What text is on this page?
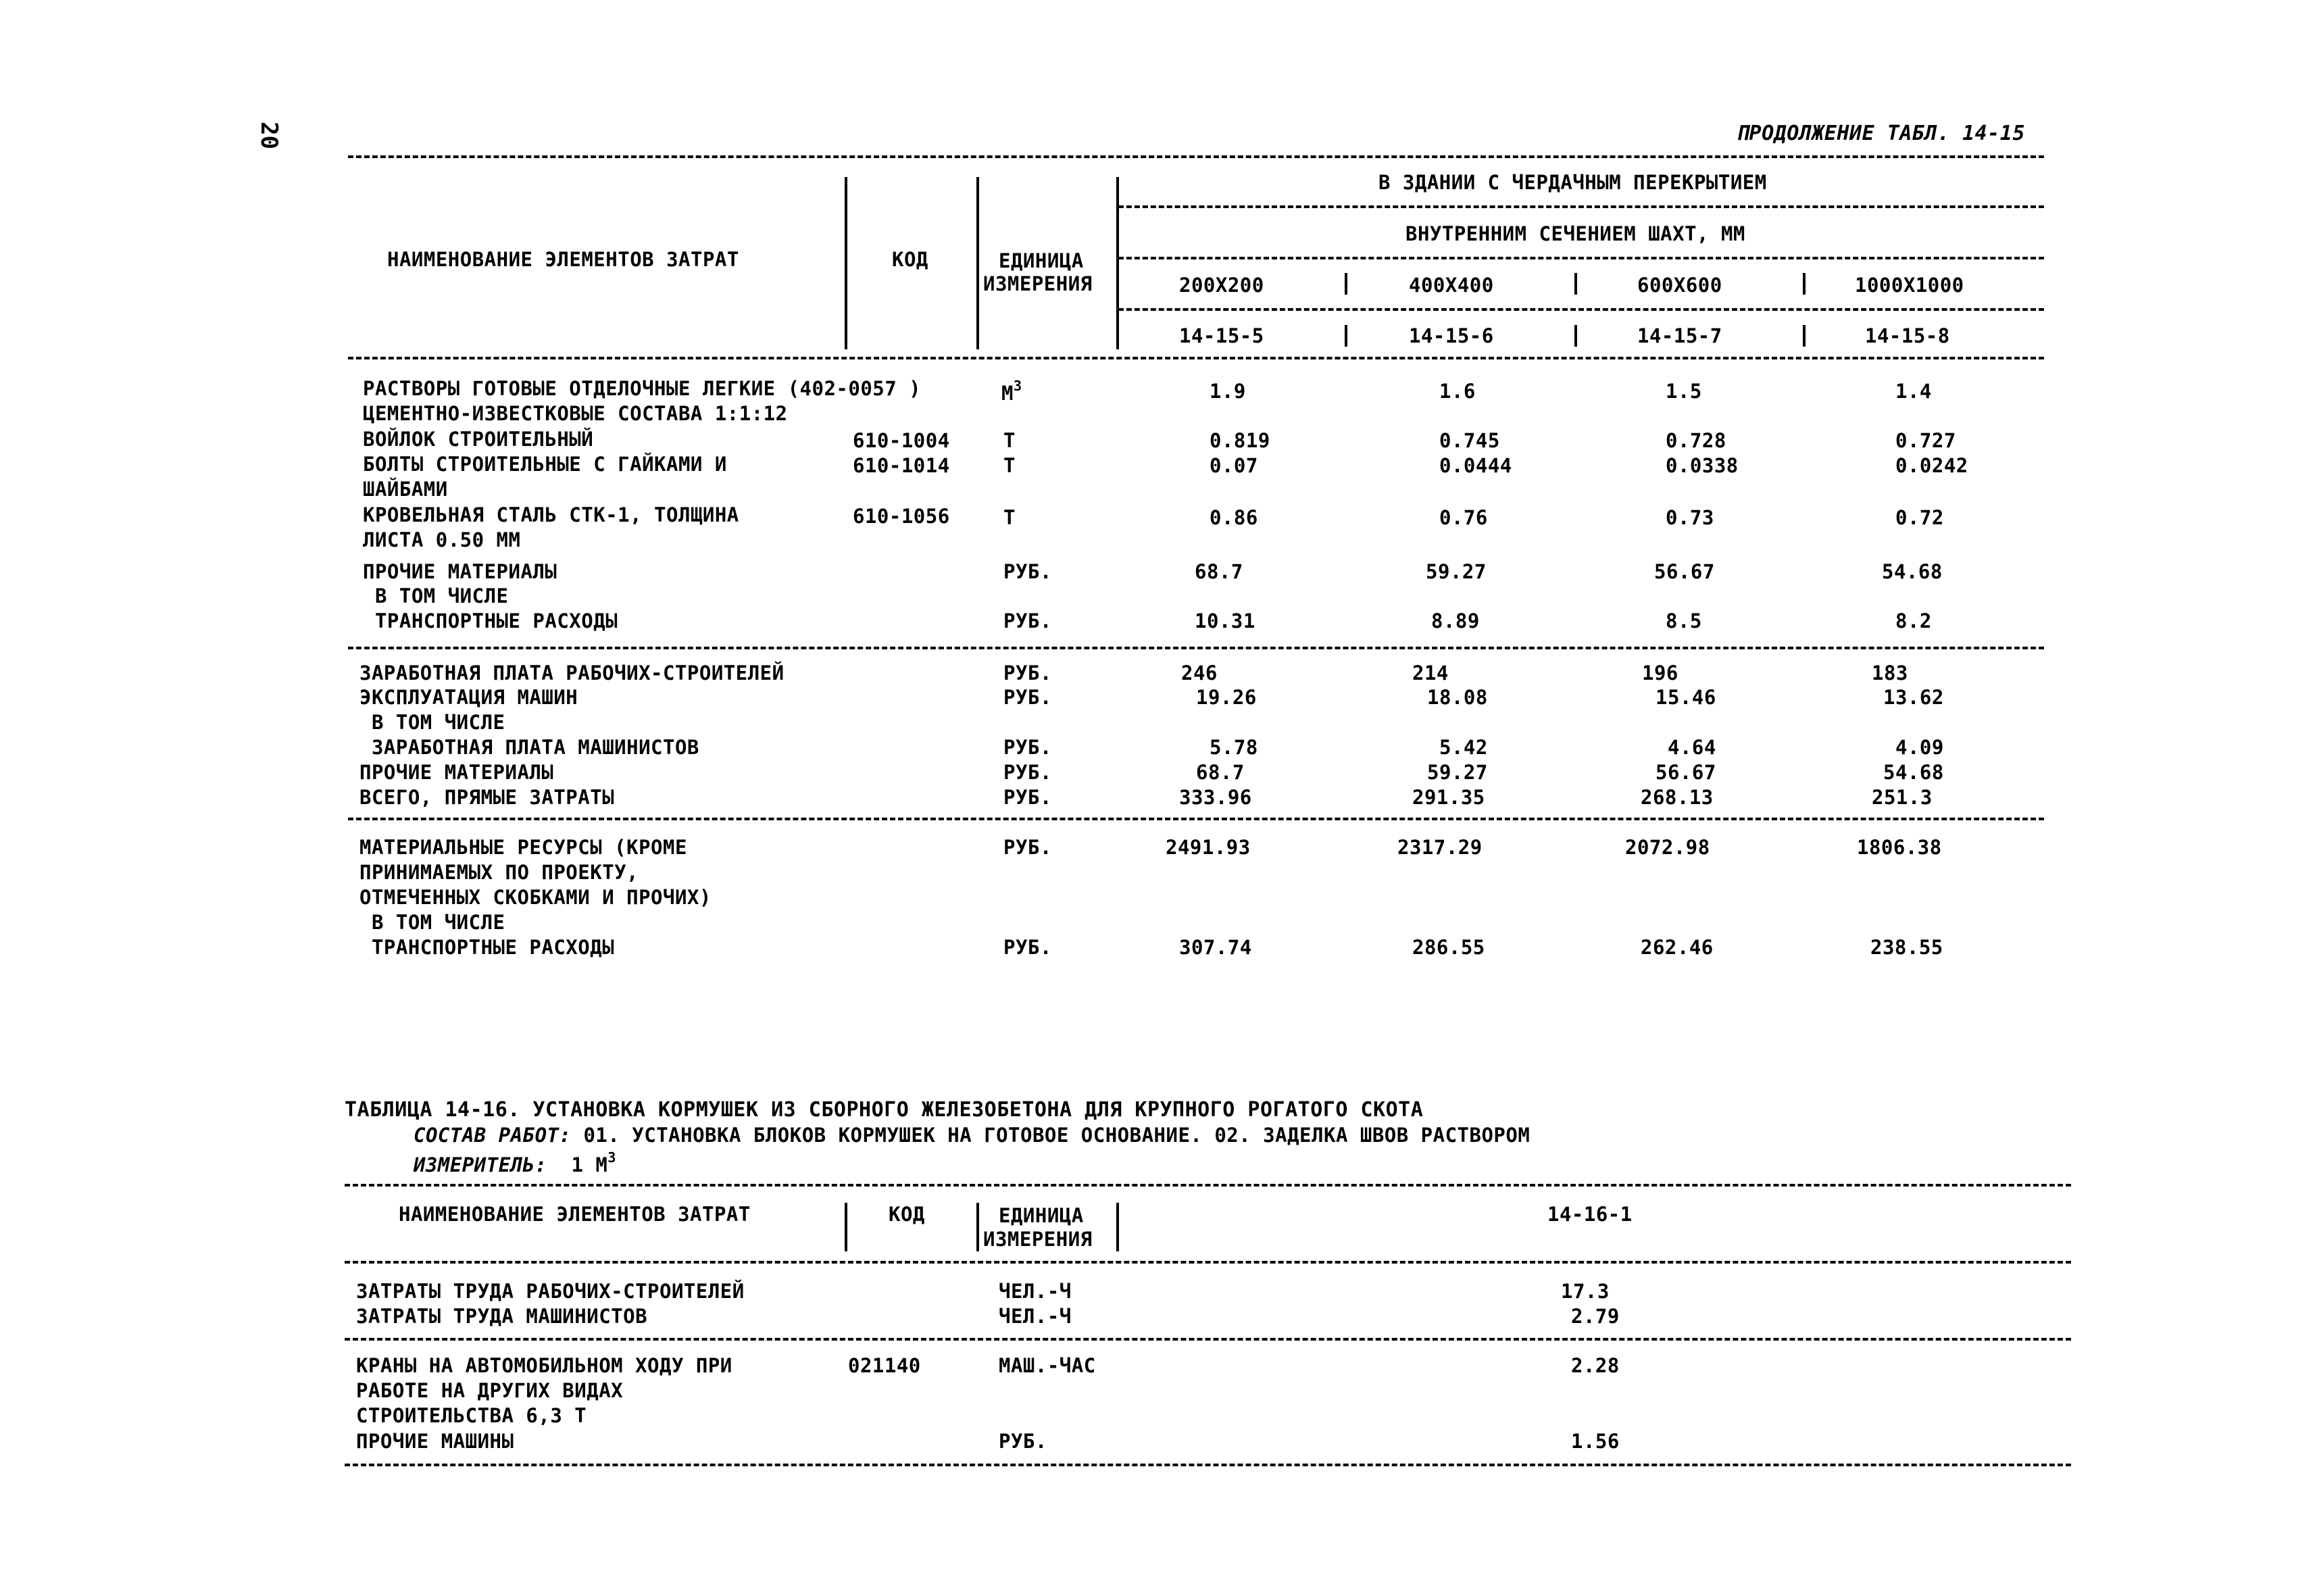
20	ПРОДОЛЖЕНИЕ ТАБЛ. 14-15
НАИМЕНОВАНИЕ ЭЛЕМЕНТОВ ЗАТРАТ	КОД	ЕДИНИЦА
ИЗМЕРЕНИЯ
В ЗДАНИИ С ЧЕРДАЧНЫМ ПЕРЕКРЫТИЕМ
ВНУТРЕННИМ СЕЧЕНИЕМ ШАХТ, ММ
200Х200	400Х400	600Х600	1000Х1000
14-15-5	14-15-6	14-15-7	14-15-8
РАСТВОРЫ ГОТОВЫЕ ОТДЕЛОЧНЫЕ ЛЕГКИЕ (402-0057 )
ЦЕМЕНТНО-ИЗВЕСТКОВЫЕ СОСТАВА 1:1:12
$М^3$	1.9	1.6	1.5	1.4
ВОЙЛОК СТРОИТЕЛЬНЫЙ	610-1004	Т	0.819	0.745	0.728	0.727
БОЛТЫ СТРОИТЕЛЬНЫЕ С ГАЙКАМИ И
ШАЙБАМИ
610-1014	Т	0.07	0.0444	0.0338	0.0242
КРОВЕЛЬНАЯ СТАЛЬ СТК-1, ТОЛЩИНА
ЛИСТА 0.50 ММ
610-1056	Т	0.86	0.76	0.73	0.72
ПРОЧИЕ МАТЕРИАЛЫ	РУБ.	68.7	59.27	56.67	54.68
В ТОМ ЧИСЛЕ
ТРАНСПОРТНЫЕ РАСХОДЫ	РУБ.	10.31	8.89	8.5	8.2
ЗАРАБОТНАЯ ПЛАТА РАБОЧИХ-СТРОИТЕЛЕЙ	РУБ.	246	214	196	183
ЭКСПЛУАТАЦИЯ МАШИН	РУБ.	19.26	18.08	15.46	13.62
В ТОМ ЧИСЛЕ
ЗАРАБОТНАЯ ПЛАТА МАШИНИСТОВ	РУБ.	5.78	5.42	4.64	4.09
ПРОЧИЕ МАТЕРИАЛЫ	РУБ.	68.7	59.27	56.67	54.68
ВСЕГО, ПРЯМЫЕ ЗАТРАТЫ	РУБ.	333.96	291.35	268.13	251.3
МАТЕРИАЛЬНЫЕ РЕСУРСЫ (КРОМЕ
ПРИНИМАЕМЫХ ПО ПРОЕКТУ,
ОТМЕЧЕННЫХ СКОБКАМИ И ПРОЧИХ)
В ТОМ ЧИСЛЕ
РУБ.	2491.93	2317.29	2072.98	1806.38
ТРАНСПОРТНЫЕ РАСХОДЫ	РУБ.	307.74	286.55	262.46	238.55
ТАБЛИЦА 14-16. УСТАНОВКА КОРМУШЕК ИЗ СБОРНОГО ЖЕЛЕЗОБЕТОНА ДЛЯ КРУПНОГО РОГАТОГО СКОТА
СОСТАВ РАБОТ: 01. УСТАНОВКА БЛОКОВ КОРМУШЕК НА ГОТОВОЕ ОСНОВАНИЕ. 02. ЗАДЕЛКА ШВОВ РАСТВОРОМ
ИЗМЕРИТЕЛЬ: 1 $М^3$
НАИМЕНОВАНИЕ ЭЛЕМЕНТОВ ЗАТРАТ	КОД	ЕДИНИЦА
ИЗМЕРЕНИЯ
14-16-1
ЗАТРАТЫ ТРУДА РАБОЧИХ-СТРОИТЕЛЕЙ	ЧЕЛ.-Ч	17.3
ЗАТРАТЫ ТРУДА МАШИНИСТОВ	ЧЕЛ.-Ч	2.79
КРАНЫ НА АВТОМОБИЛЬНОМ ХОДУ ПРИ
РАБОТЕ НА ДРУГИХ ВИДАХ
СТРОИТЕЛЬСТВА 6,3 Т
021140	МАШ.-ЧАС	2.28
ПРОЧИЕ МАШИНЫ	РУБ.	1.56
